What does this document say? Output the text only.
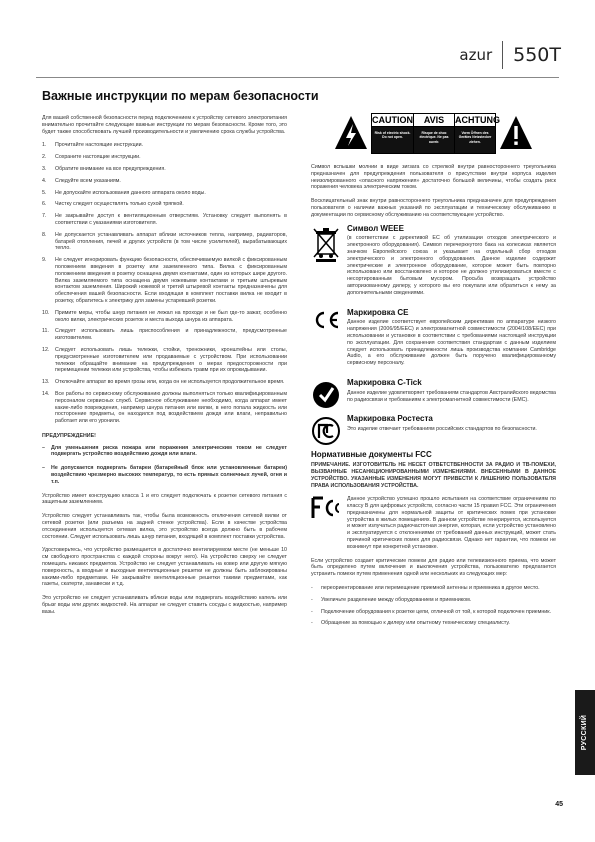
azur	550T
Важные инструкции по мерам безопасности

Для вашей собственной безопасности перед подключением к устройству сетевого электропитания внимательно прочитайте следующие важные инструкции по мерам безопасности. Кроме того, это будет также способствовать лучшей производительности и увеличению срока службы устройства.

1.	Прочитайте настоящие инструкции.
2.	Сохраните настоящие инструкции.
3.	Обратите внимание на все предупреждения.
4.	Следуйте всем указаниям.
5.	Не допускайте использования данного аппарата около воды.
6.	Чистку следует осуществлять только сухой тряпкой.
7.	Не закрывайте доступ к вентиляционным отверстиям. Установку следует выполнять в соответствии с указаниями изготовителя.
8.	Не допускается устанавливать аппарат вблизи источников тепла, например, радиаторов, батарей отопления, печей и других устройств (в том числе усилителей), вырабатывающих тепло.
9.	Не следует игнорировать функцию безопасности, обеспечиваемую вилкой с фиксированным положением введения в розетку или заземленного типа. Вилка с фиксированным положением введения в розетку оснащена двумя контактами, один из которых шире другого. Вилка заземляемого типа оснащена двумя ножевыми контактами и третьим штыревым контактом заземления. Широкий ножевой и третий штыревой контакты предназначены для обеспечения вашей безопасности. Если входящая в комплект поставки вилка не входит в розетку, обратитесь к электрику для замены устаревшей розетки.
10.	Примите меры, чтобы шнур питания не лежал на проходе и не был где-то зажат, особенно около вилки, электрических розеток и места выхода шнура из аппарата.
11.	Следует использовать лишь приспособления и принадлежности, предусмотренные изготовителем.
12.	Следует использовать лишь тележки, стойки, треножники, кронштейны или столы, предусмотренные изготовителем или продаваемые с устройством. При использовании тележки обращайте внимание на предупреждения о мерах предосторожности при перемещении тележки или устройства, чтобы избежать травм при их опрокидывании.
13.	Отключайте аппарат во время грозы или, когда он не используется продолжительное время.
14.	Все работы по сервисному обслуживанию должны выполняться только квалифицированным персоналом сервисных служб. Сервисное обслуживание необходимо, когда аппарат имеет какие-либо повреждения, например шнура питания или вилки, в него попала жидкость или посторонние предметы, он находился под воздействием дождя или влаги, неправильно работает или его уронили.
ПРЕДУПРЕЖДЕНИЕ!
–	Для уменьшения риска пожара или поражения электрическим током не следует подвергать устройство воздействию дождя или влаги.
–	Не допускается подвергать батареи (батарейный блок или установленные батареи) воздействию чрезмерно высоких температур, то есть прямых солнечных лучей, огня и т.п.

Устройство имеет конструкцию класса 1 и его следует подключать к розетке сетевого питания с защитным заземлением.

Устройство следует устанавливать так, чтобы была возможность отключения сетевой вилки от сетевой розетки (или разъема на задней стенке устройства). Если в качестве устройства отсоединения используется сетевая вилка, это устройство всегда должно быть в рабочем состоянии. Следует использовать лишь шнур питания, входящий в комплект поставки устройства.

Удостоверьтесь, что устройство размещается в достаточно вентилируемом месте (не меньше 10 см свободного пространства с каждой стороны вокруг него). На устройство сверху не следует помещать никаких предметов. Устройство не следует устанавливать на ковер или другую мягкую поверхность, а входные и выходные вентиляционные решетки не должны быть заблокированы какими-либо предметами. Не закрывайте вентиляционные решетки такими предметами, как газеты, скатерти, занавески и т.д.

Это устройство не следует устанавливать вблизи воды или подвергать воздействию капель или брызг воды или других жидкостей. На аппарат не следует ставить сосуды с жидкостью, например вазы.

CAUTION
Risk of electric shock. Do not open.
AVIS
Risque de choc électrique. Ne pas ouvrir.
ACHTUNG
Vorm Öffnen des Gerätes Netzstecker ziehen.

Символ вспышки молнии в виде зигзага со стрелкой внутри равностороннего треугольника предназначен для предупреждения пользователя о присутствии внутри корпуса изделия неизолированного «опасного напряжения» достаточно большой величины, чтобы создать риск поражения человека электрическим током.

Восклицательный знак внутри равностороннего треугольника предназначен для предупреждения пользователя о наличии важных указаний по эксплуатации и техническому обслуживанию в документации по сервисному обслуживанию на соответствующее устройство.

Символ WEEE

(в соответствии с директивой ЕС об утилизации отходов электрического и электронного оборудования). Символ перечеркнутого бака на колесиках является значком Европейского союза и указывает на отдельный сбор отходов электрического и электронного оборудования. Данное изделие содержит электрические и электронное оборудование, которое может быть повторно использовано или восстановлено и которое не должно утилизироваться вместе с несортированным бытовым мусором. Просьба возвращать устройство авторизованному дилеру, у которого вы его покупали или обратиться к нему за дополнительными сведениями.

Маркировка CE

Данное изделие соответствует европейским директивам по аппаратуре низкого напряжения (2006/95/EEC) и электромагнитной совместимости (2004/108/EEC) при использовании и установке в соответствии с требованиями настоящей инструкции по эксплуатации. Для сохранения соответствия стандартам с данным изделием следует использовать принадлежности лишь производства компании Cambridge Audio, а его обслуживание должен быть поручено квалифицированному сервисному персоналу.

Маркировка C-Tick

Данное изделие удовлетворяет требованиям стандартов Австралийского ведомства по радиосвязи и требованиям к электромагнитной совместимости (EMC).

Маркировка Ростеста

Это изделие отвечает требованиям российских стандартов по безопасности.

Нормативные документы FCC

ПРИМЕЧАНИЕ. ИЗГОТОВИТЕЛЬ НЕ НЕСЕТ ОТВЕТСТВЕННОСТИ ЗА РАДИО И ТВ-ПОМЕХИ, ВЫЗВАННЫЕ НЕСАНКЦИОНИРОВАННЫМИ ИЗМЕНЕНИЯМИ. ВНЕСЕННЫМИ В ДАННОЕ УСТРОЙСТВО. УКАЗАННЫЕ ИЗМЕНЕНИЯ МОГУТ ПРИВЕСТИ К ЛИШЕНИЮ ПОЛЬЗОВАТЕЛЯ ПРАВА ИСПОЛЬЗОВАНИЯ УСТРОЙСТВА.

Данное устройство успешно прошло испытания на соответствие ограничениям по классу В для цифровых устройств, согласно части 15 правил FCC. Эти ограничения предназначены для нормальной защиты от критических помех при установке устройства в жилых помещениях. В данном устройстве генерируется, используется и может излучаться радиочастотная энергия, которая, если устройство установлено и эксплуатируется с отклонениями от требований данных инструкций, может стать причиной критических помех для радиосвязи. Однако нет гарантии, что помехи не возникнут при конкретной установке.

Если устройство создает критические помехи для радио или телевизионного приема, что может быть определено путем включения и выключения устройства, пользователю предлагается устранить помехи путем применения одной или нескольких из следующих мер:

-	переориентирование или перемещение приемной антенны и приемника в другое место.
-	Увеличьте разделение между оборудованием и приемником.
-	Подключение оборудования к розетке цепи, отличной от той, к которой подключен приемник.
-	Обращение за помощью к дилеру или опытному техническому специалисту.
РУССКИЙ
45
